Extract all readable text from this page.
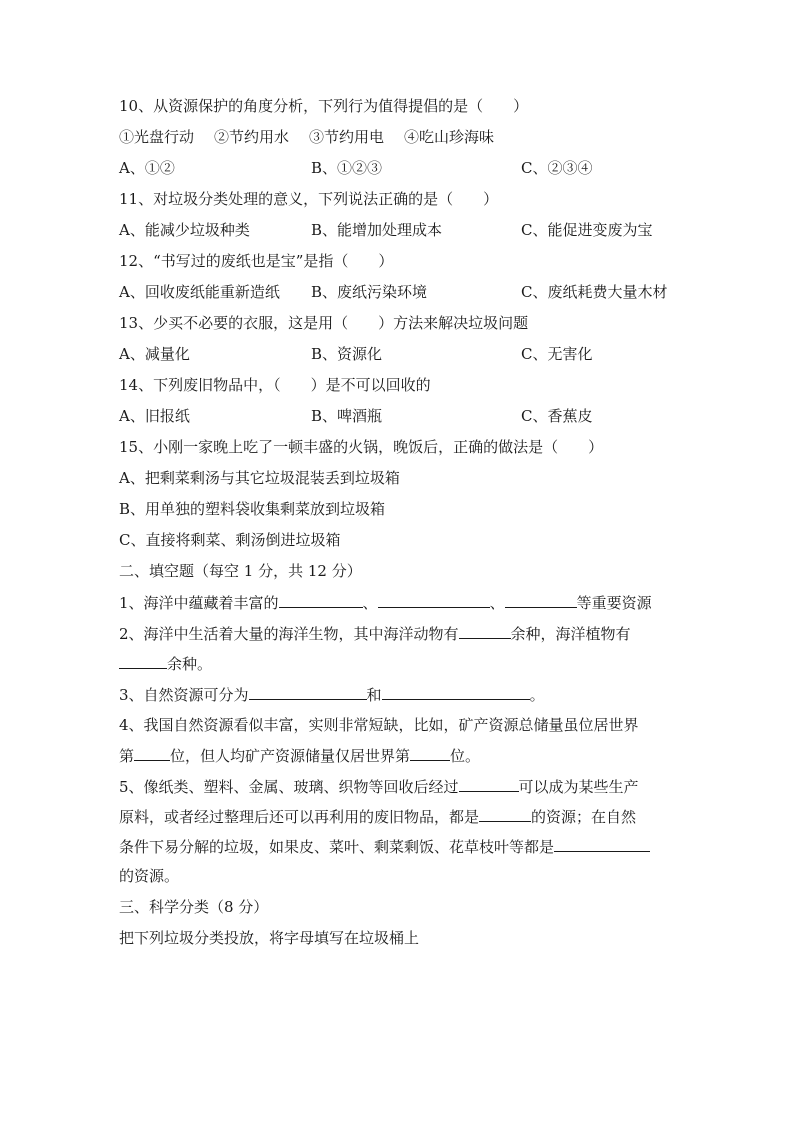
10、从资源保护的角度分析，下列行为值得提倡的是（　　）
①光盘行动 ②节约用水 ③节约用电 ④吃山珍海味
A、①②	B、①②③	C、②③④
11、对垃圾分类处理的意义，下列说法正确的是（　　）
A、能减少垃圾种类	B、能增加处理成本	C、能促进变废为宝
12、“书写过的废纸也是宝”是指（　　）
A、回收废纸能重新造纸	B、废纸污染环境	C、废纸耗费大量木材
13、少买不必要的衣服，这是用（　　）方法来解决垃圾问题
A、减量化	B、资源化	C、无害化
14、下列废旧物品中，（　　）是不可以回收的
A、旧报纸	B、啤酒瓶	C、香蕉皮
15、小刚一家晚上吃了一顿丰盛的火锅，晚饭后，正确的做法是（　　）
A、把剩菜剩汤与其它垃圾混装丢到垃圾箱
B、用单独的塑料袋收集剩菜放到垃圾箱
C、直接将剩菜、剩汤倒进垃圾箱
二、填空题（每空 1 分，共 12 分）
1、海洋中蕴藏着丰富的	、	、	等重要资源
2、海洋中生活着大量的海洋生物，其中海洋动物有	余种，海洋植物有
余种。
3、自然资源可分为	和	。
4、我国自然资源看似丰富，实则非常短缺，比如，矿产资源总储量虽位居世界
第 位，但人均矿产资源储量仅居世界第	位。
5、像纸类、塑料、金属、玻璃、织物等回收后经过	可以成为某些生产
原料，或者经过整理后还可以再利用的废旧物品，都是	的资源；在自然
条件下易分解的垃圾，如果皮、菜叶、剩菜剩饭、花草枝叶等都是
的资源。
三、科学分类（8 分）
把下列垃圾分类投放，将字母填写在垃圾桶上
